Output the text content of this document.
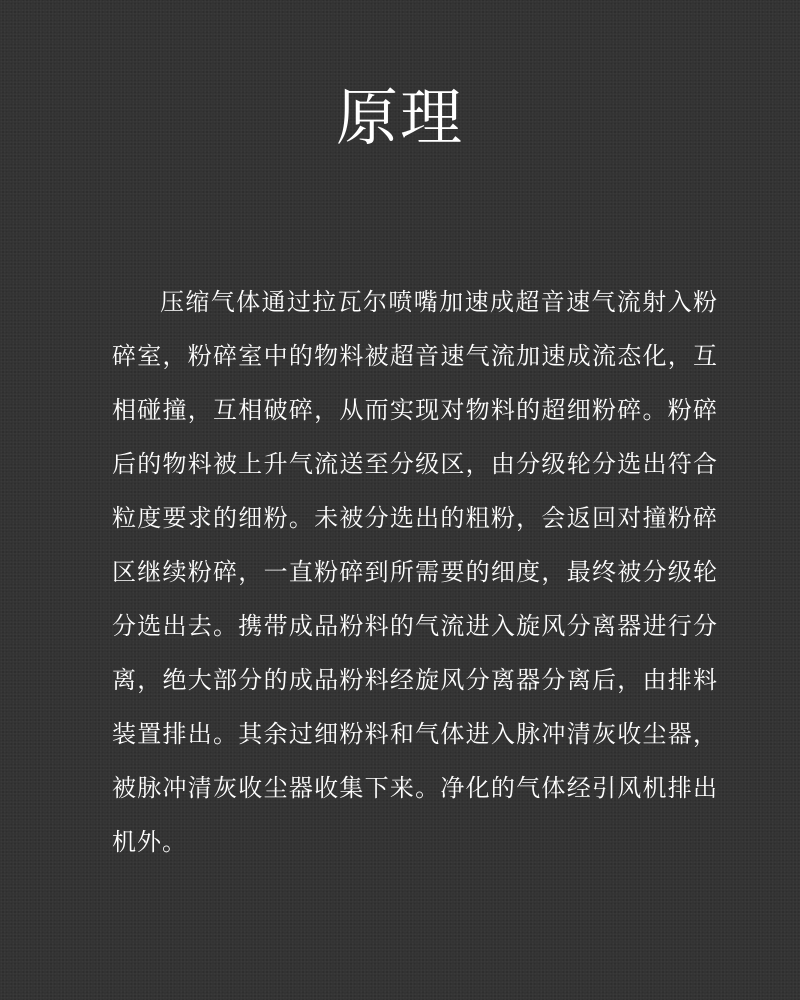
原理

压缩气体通过拉瓦尔喷嘴加速成超音速气流射入粉碎室，粉碎室中的物料被超音速气流加速成流态化，互相碰撞，互相破碎，从而实现对物料的超细粉碎。粉碎后的物料被上升气流送至分级区，由分级轮分选出符合粒度要求的细粉。未被分选出的粗粉，会返回对撞粉碎区继续粉碎，一直粉碎到所需要的细度，最终被分级轮分选出去。携带成品粉料的气流进入旋风分离器进行分离，绝大部分的成品粉料经旋风分离器分离后，由排料装置排出。其余过细粉料和气体进入脉冲清灰收尘器，被脉冲清灰收尘器收集下来。净化的气体经引风机排出机外。
